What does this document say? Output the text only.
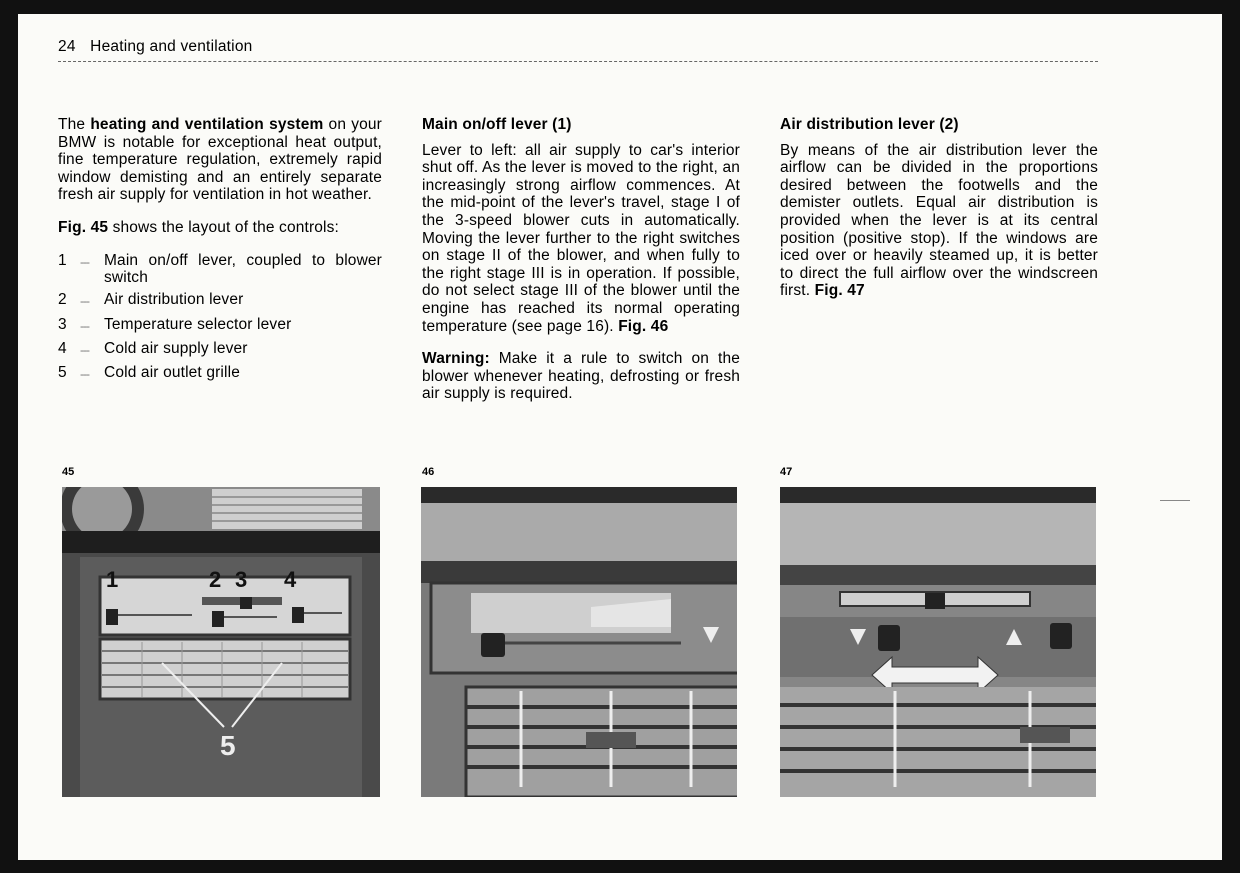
24 Heating and ventilation

The heating and ventilation system on your BMW is notable for exceptional heat output, fine temperature regulation, extremely rapid window demisting and an entirely separate fresh air supply for ventilation in hot weather.

Fig. 45 shows the layout of the controls:

1	--- Main on/off lever, coupled to blower switch
2	--- Air distribution lever
3	--- Temperature selector lever
4	--- Cold air supply lever
5	--- Cold air outlet grille

Main on/off lever (1)

Lever to left: all air supply to car's interior shut off. As the lever is moved to the right, an increasingly strong airflow commences. At the mid-point of the lever's travel, stage I of the 3-speed blower cuts in automatically. Moving the lever further to the right switches on stage II of the blower, and when fully to the right stage III is in operation. If possible, do not select stage III of the blower until the engine has reached its normal operating temperature (see page 16). Fig. 46

Warning: Make it a rule to switch on the blower whenever heating, defrosting or fresh air supply is required.

Air distribution lever (2)

By means of the air distribution lever the airflow can be divided in the proportions desired between the footwells and the demister outlets. Equal air distribution is provided when the lever is at its central position (positive stop). If the windows are iced over or heavily steamed up, it is better to direct the full airflow over the windscreen first. Fig. 47

45	46	47
1	2 3 4
5
